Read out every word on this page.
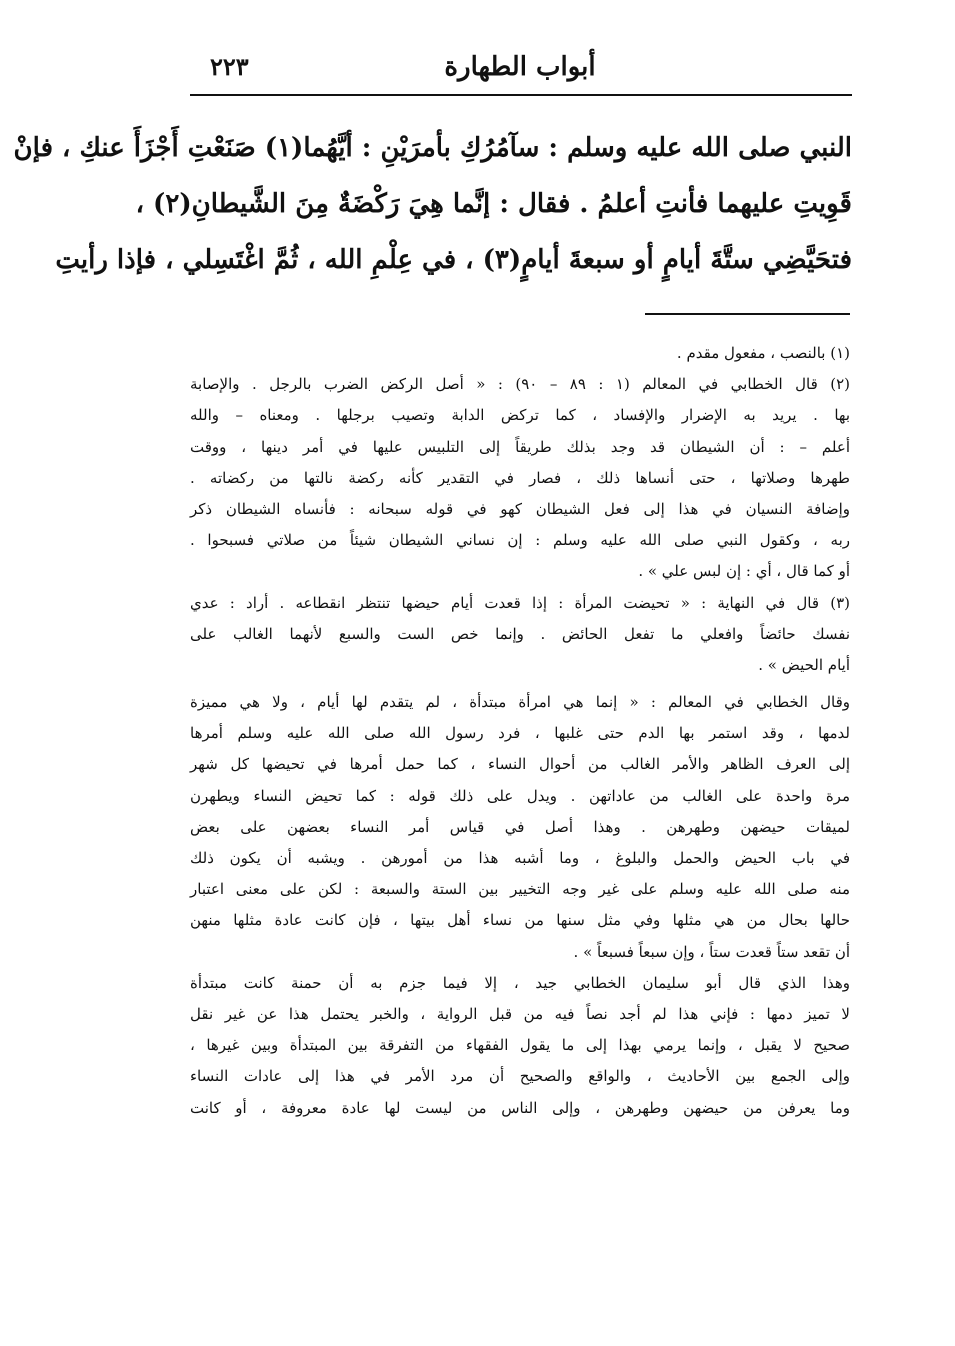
أبواب الطهارة
٢٢٣
النبي صلى الله عليه وسلم : سآمُرُكِ بأمرَيْنِ : أيَّهُما(١) صَنَعْتِ أَجْزَأَ عنكِ ، فإنْ
قَوِيتِ عليهما فأنتِ أعلمُ . فقال : إنَّما هِيَ رَكْضَةٌ مِنَ الشَّيطانِ(٢) ،
فتحَيَّضِي ستَّةَ أيامٍ أو سبعةَ أيامٍ(٣) ، في عِلْمِ الله ، ثُمَّ اغْتَسِلي ، فإذا رأيتِ
(١) بالنصب ، مفعول مقدم .
(٢) قال الخطابي في المعالم (١ : ٨٩ – ٩٠) : « أصل الركض الضرب بالرجل . والإصابة
بها . يريد به الإضرار والإفساد ، كما تركض الدابة وتصيب برجلها . ومعناه – والله
أعلم – : أن الشيطان قد وجد بذلك طريقاً إلى التلبيس عليها في أمر دينها ، ووقت
طهرها وصلاتها ، حتى أنساها ذلك ، فصار في التقدير كأنه ركضة نالتها من ركضاته .
وإضافة النسيان في هذا إلى فعل الشيطان كهو في قوله سبحانه : فأنساه الشيطان ذكر
ربه ، وكقول النبي صلى الله عليه وسلم : إن نساني الشيطان شيئاً من صلاتي فسبحوا .
أو كما قال ، أي : إن لبس علي » .
(٣) قال في النهاية : « تحيضت المرأة : إذا قعدت أيام حيضها تنتظر انقطاعه . أراد : عدي
نفسك حائضاً وافعلي ما تفعل الحائض . وإنما خص الست والسبع لأنهما الغالب على
أيام الحيض » .
وقال الخطابي في المعالم : « إنما هي امرأة مبتدأة ، لم يتقدم لها أيام ، ولا هي مميزة
لدمها ، وقد استمر بها الدم حتى غلبها ، فرد رسول الله صلى الله عليه وسلم أمرها
إلى العرف الظاهر والأمر الغالب من أحوال النساء ، كما حمل أمرها في تحيضها كل شهر
مرة واحدة على الغالب من عاداتهن . ويدل على ذلك قوله : كما تحيض النساء ويطهرن
لميقات حيضهن وطهرهن . وهذا أصل في قياس أمر النساء بعضهن على بعض
في باب الحيض والحمل والبلوغ ، وما أشبه هذا من أمورهن . ويشبه أن يكون ذلك
منه صلى الله عليه وسلم على غير وجه التخيير بين الستة والسبعة : لكن على معنى اعتبار
حالها بحال من هي مثلها وفي مثل سنها من نساء أهل بيتها ، فإن كانت عادة مثلها منهن
أن تقعد ستاً قعدت ستاً ، وإن سبعاً فسبعاً » .
وهذا الذي قال أبو سليمان الخطابي جيد ، إلا فيما جزم به أن حمنة كانت مبتدأة
لا تميز دمها : فإني هذا لم أجد نصاً فيه من قبل الرواية ، والخبر يحتمل هذا عن غير نقل
صحيح لا يقبل ، وإنما يرمي بهذا إلى ما يقول الفقهاء من التفرقة بين المبتدأة وبين غيرها ،
وإلى الجمع بين الأحاديث ، والواقع والصحيح أن مرد الأمر في هذا إلى عادات النساء
وما يعرفن من حيضهن وطهرهن ، وإلى الناس من ليست لها عادة معروفة ، أو كانت
